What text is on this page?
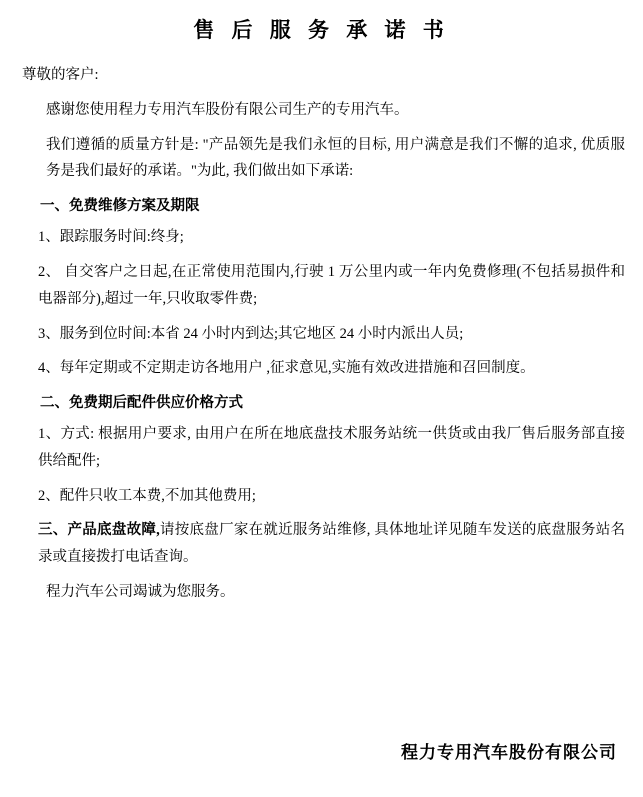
售 后 服 务 承 诺 书
尊敬的客户:
感谢您使用程力专用汽车股份有限公司生产的专用汽车。
我们遵循的质量方针是: "产品领先是我们永恒的目标, 用户满意是我们不懈的追求, 优质服务是我们最好的承诺。"为此, 我们做出如下承诺:
一、免费维修方案及期限
1、跟踪服务时间:终身;
2、 自交客户之日起,在正常使用范围内,行驶 1 万公里内或一年内免费修理(不包括易损件和电器部分),超过一年,只收取零件费;
3、服务到位时间:本省 24 小时内到达;其它地区 24 小时内派出人员;
4、每年定期或不定期走访各地用户 ,征求意见,实施有效改进措施和召回制度。
二、免费期后配件供应价格方式
1、方式: 根据用户要求, 由用户在所在地底盘技术服务站统一供货或由我厂售后服务部直接供给配件;
2、配件只收工本费,不加其他费用;
三、产品底盘故障,请按底盘厂家在就近服务站维修, 具体地址详见随车发送的底盘服务站名录或直接拨打电话查询。
程力汽车公司竭诚为您服务。
程力专用汽车股份有限公司
